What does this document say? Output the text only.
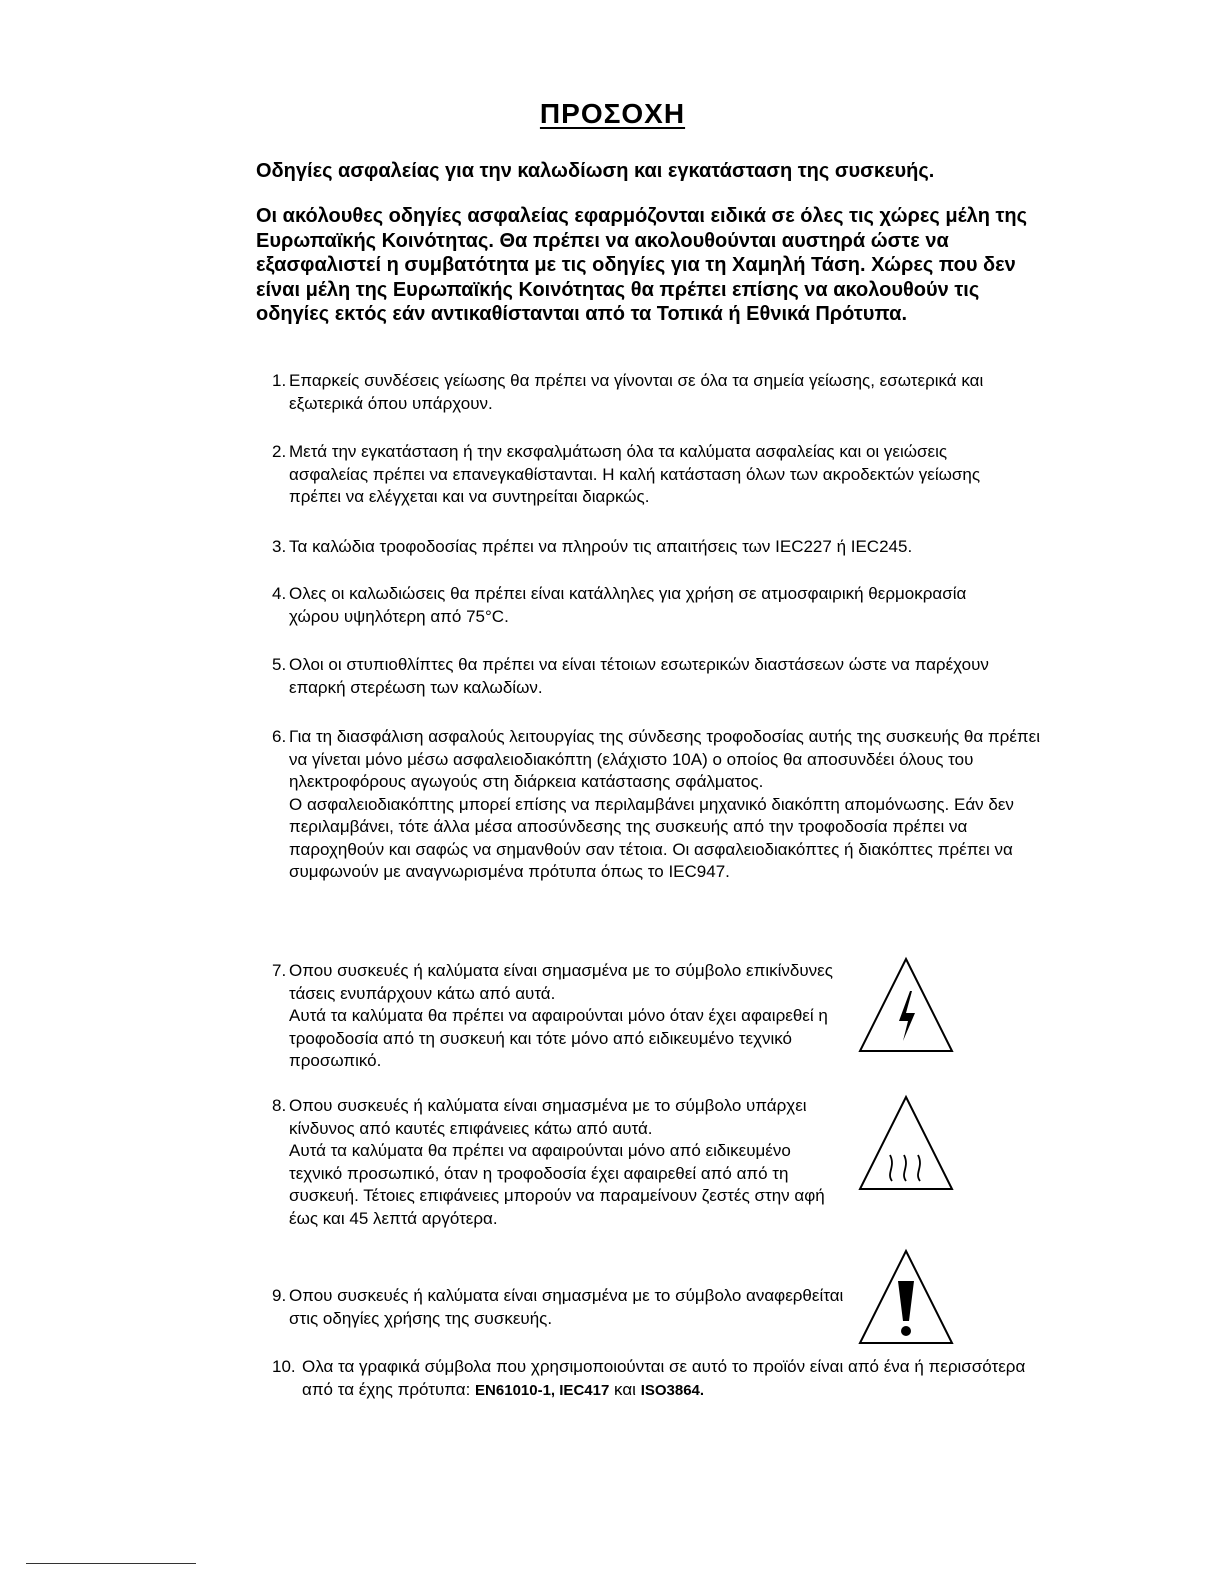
ΠΡΟΣΟΧΗ
Οδηγίες ασφαλείας για την καλωδίωση και εγκατάσταση της συσκευής.
Οι ακόλουθες οδηγίες ασφαλείας εφαρμόζονται ειδικά σε όλες τις χώρες μέλη της Ευρωπαϊκής Κοινότητας. Θα πρέπει να ακολουθούνται αυστηρά ώστε να εξασφαλιστεί η συμβατότητα με τις οδηγίες για τη Χαμηλή Τάση. Χώρες που δεν είναι μέλη της Ευρωπαϊκής Κοινότητας θα πρέπει επίσης να ακολουθούν τις οδηγίες εκτός εάν αντικαθίστανται από τα Τοπικά ή Εθνικά Πρότυπα.
1. Επαρκείς συνδέσεις γείωσης θα πρέπει να γίνονται σε όλα τα σημεία γείωσης, εσωτερικά και εξωτερικά όπου υπάρχουν.
2. Μετά την εγκατάσταση ή την εκσφαλμάτωση όλα τα καλύματα ασφαλείας και οι γειώσεις ασφαλείας πρέπει να επανεγκαθίστανται. Η καλή κατάσταση όλων των ακροδεκτών γείωσης πρέπει να ελέγχεται και να συντηρείται διαρκώς.
3. Τα καλώδια τροφοδοσίας πρέπει να πληρούν τις απαιτήσεις των IEC227 ή IEC245.
4. Ολες οι καλωδιώσεις θα πρέπει είναι κατάλληλες για χρήση σε ατμοσφαιρική θερμοκρασία χώρου υψηλότερη από 75°C.
5. Ολοι οι στυπιοθλίπτες θα πρέπει να είναι τέτοιων εσωτερικών διαστάσεων ώστε να παρέχουν επαρκή στερέωση των καλωδίων.
6. Για τη διασφάλιση ασφαλούς λειτουργίας της σύνδεσης τροφοδοσίας αυτής της συσκευής θα πρέπει να γίνεται μόνο μέσω ασφαλειοδιακόπτη (ελάχιστο 10A) ο οποίος θα αποσυνδέει όλους του ηλεκτροφόρους αγωγούς στη διάρκεια κατάστασης σφάλματος.
Ο ασφαλειοδιακόπτης μπορεί επίσης να περιλαμβάνει μηχανικό διακόπτη απομόνωσης. Εάν δεν περιλαμβάνει, τότε άλλα μέσα αποσύνδεσης της συσκευής από την τροφοδοσία πρέπει να παροχηθούν και σαφώς να σημανθούν σαν τέτοια. Οι ασφαλειοδιακόπτες ή διακόπτες πρέπει να συμφωνούν με αναγνωρισμένα πρότυπα όπως το IEC947.
7. Οπου συσκευές ή καλύματα είναι σημασμένα με το σύμβολο επικίνδυνες τάσεις ενυπάρχουν κάτω από αυτά.
Αυτά τα καλύματα θα πρέπει να αφαιρούνται μόνο όταν έχει αφαιρεθεί η τροφοδοσία από τη συσκευή και τότε μόνο από ειδικευμένο τεχνικό προσωπικό.
8. Οπου συσκευές ή καλύματα είναι σημασμένα με το σύμβολο υπάρχει κίνδυνος από καυτές επιφάνειες κάτω από αυτά.
Αυτά τα καλύματα θα πρέπει να αφαιρούνται μόνο από ειδικευμένο τεχνικό προσωπικό, όταν η τροφοδοσία έχει αφαιρεθεί από από τη συσκευή. Τέτοιες επιφάνειες μπορούν να παραμείνουν ζεστές στην αφή έως και 45 λεπτά αργότερα.
9. Οπου συσκευές ή καλύματα είναι σημασμένα με το σύμβολο αναφερθείται στις οδηγίες χρήσης της συσκευής.
10. Ολα τα γραφικά σύμβολα που χρησιμοποιούνται σε αυτό το προϊόν είναι από ένα ή περισσότερα από τα έχης πρότυπα: EN61010-1, IEC417 και ISO3864.
